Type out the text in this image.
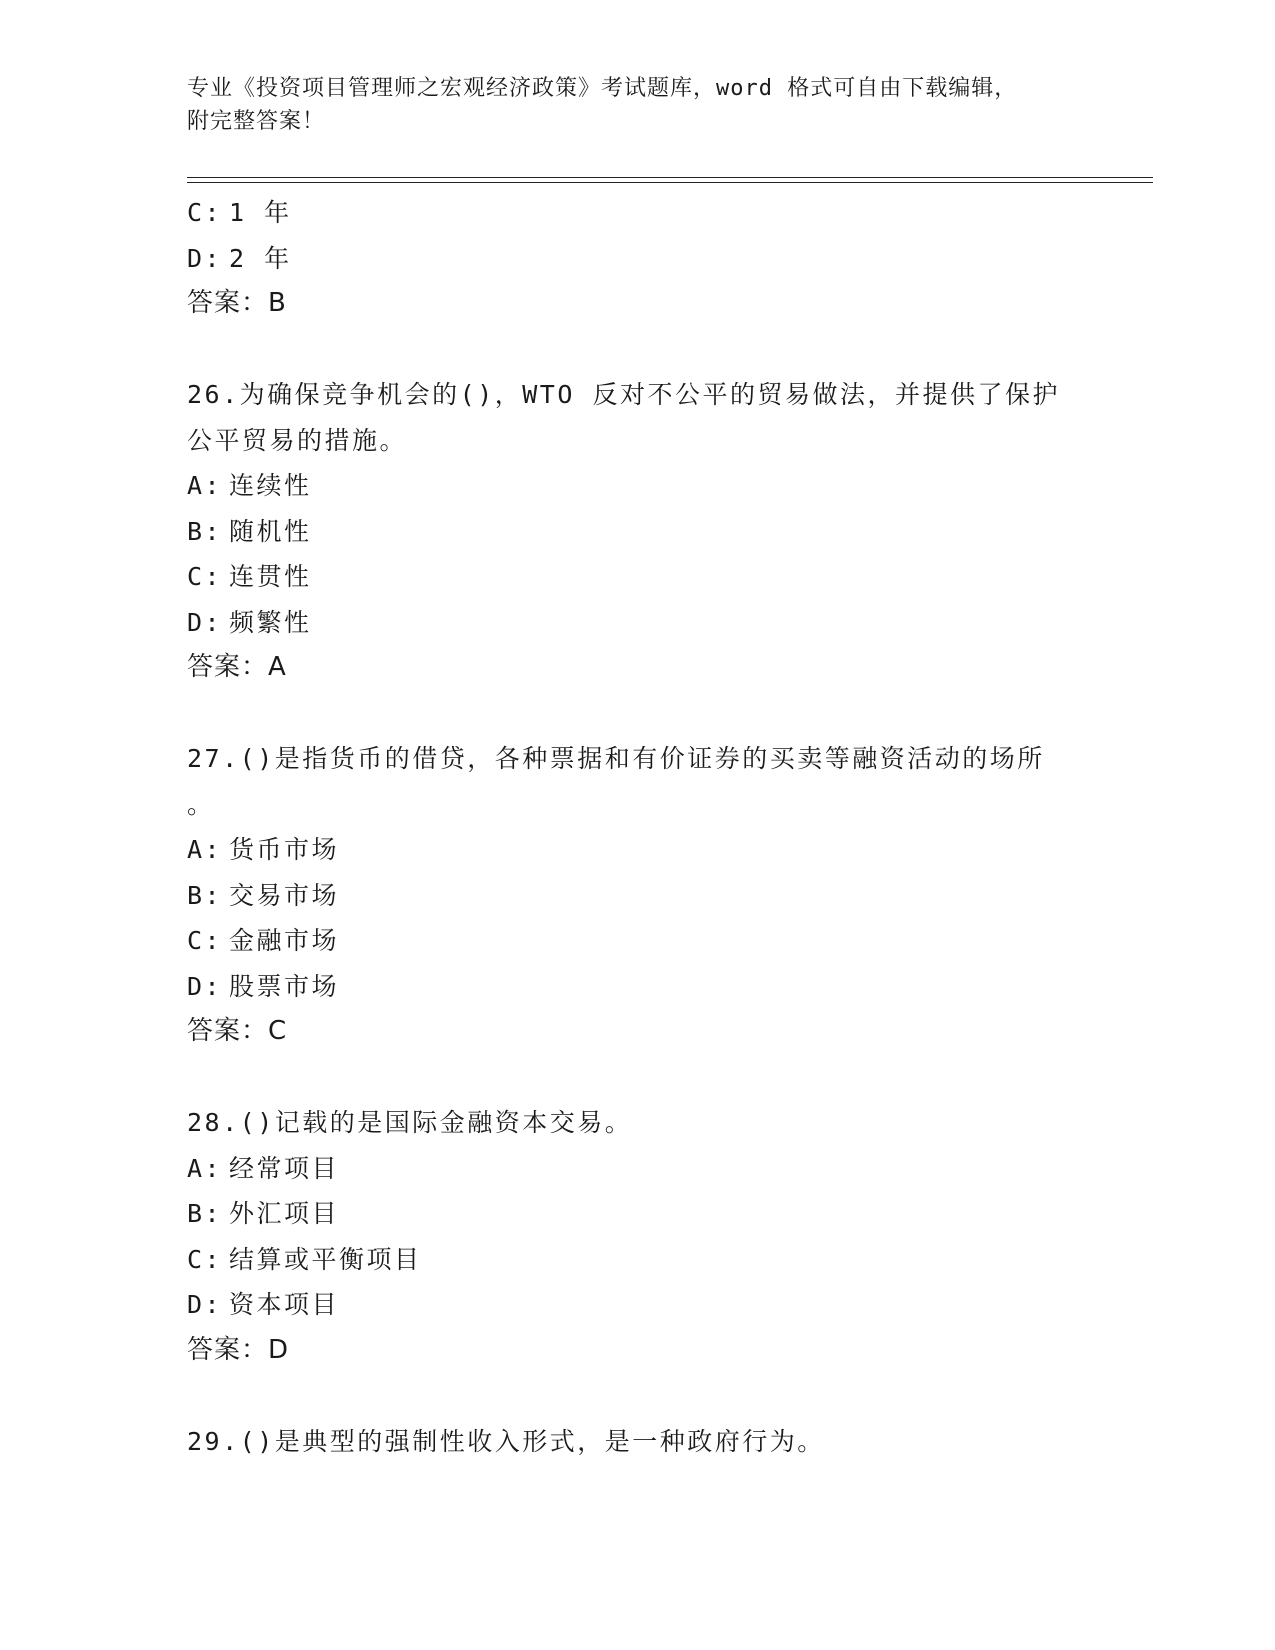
专业《投资项目管理师之宏观经济政策》考试题库，word 格式可自由下载编辑，
附完整答案！
C: 1 年
D: 2 年
答案：B
26.为确保竞争机会的()，WTO 反对不公平的贸易做法，并提供了保护
公平贸易的措施。
A: 连续性
B: 随机性
C: 连贯性
D: 频繁性
答案：A
27.()是指货币的借贷，各种票据和有价证券的买卖等融资活动的场所
。
A: 货币市场
B: 交易市场
C: 金融市场
D: 股票市场
答案：C
28.()记载的是国际金融资本交易。
A: 经常项目
B: 外汇项目
C: 结算或平衡项目
D: 资本项目
答案：D
29.()是典型的强制性收入形式，是一种政府行为。
